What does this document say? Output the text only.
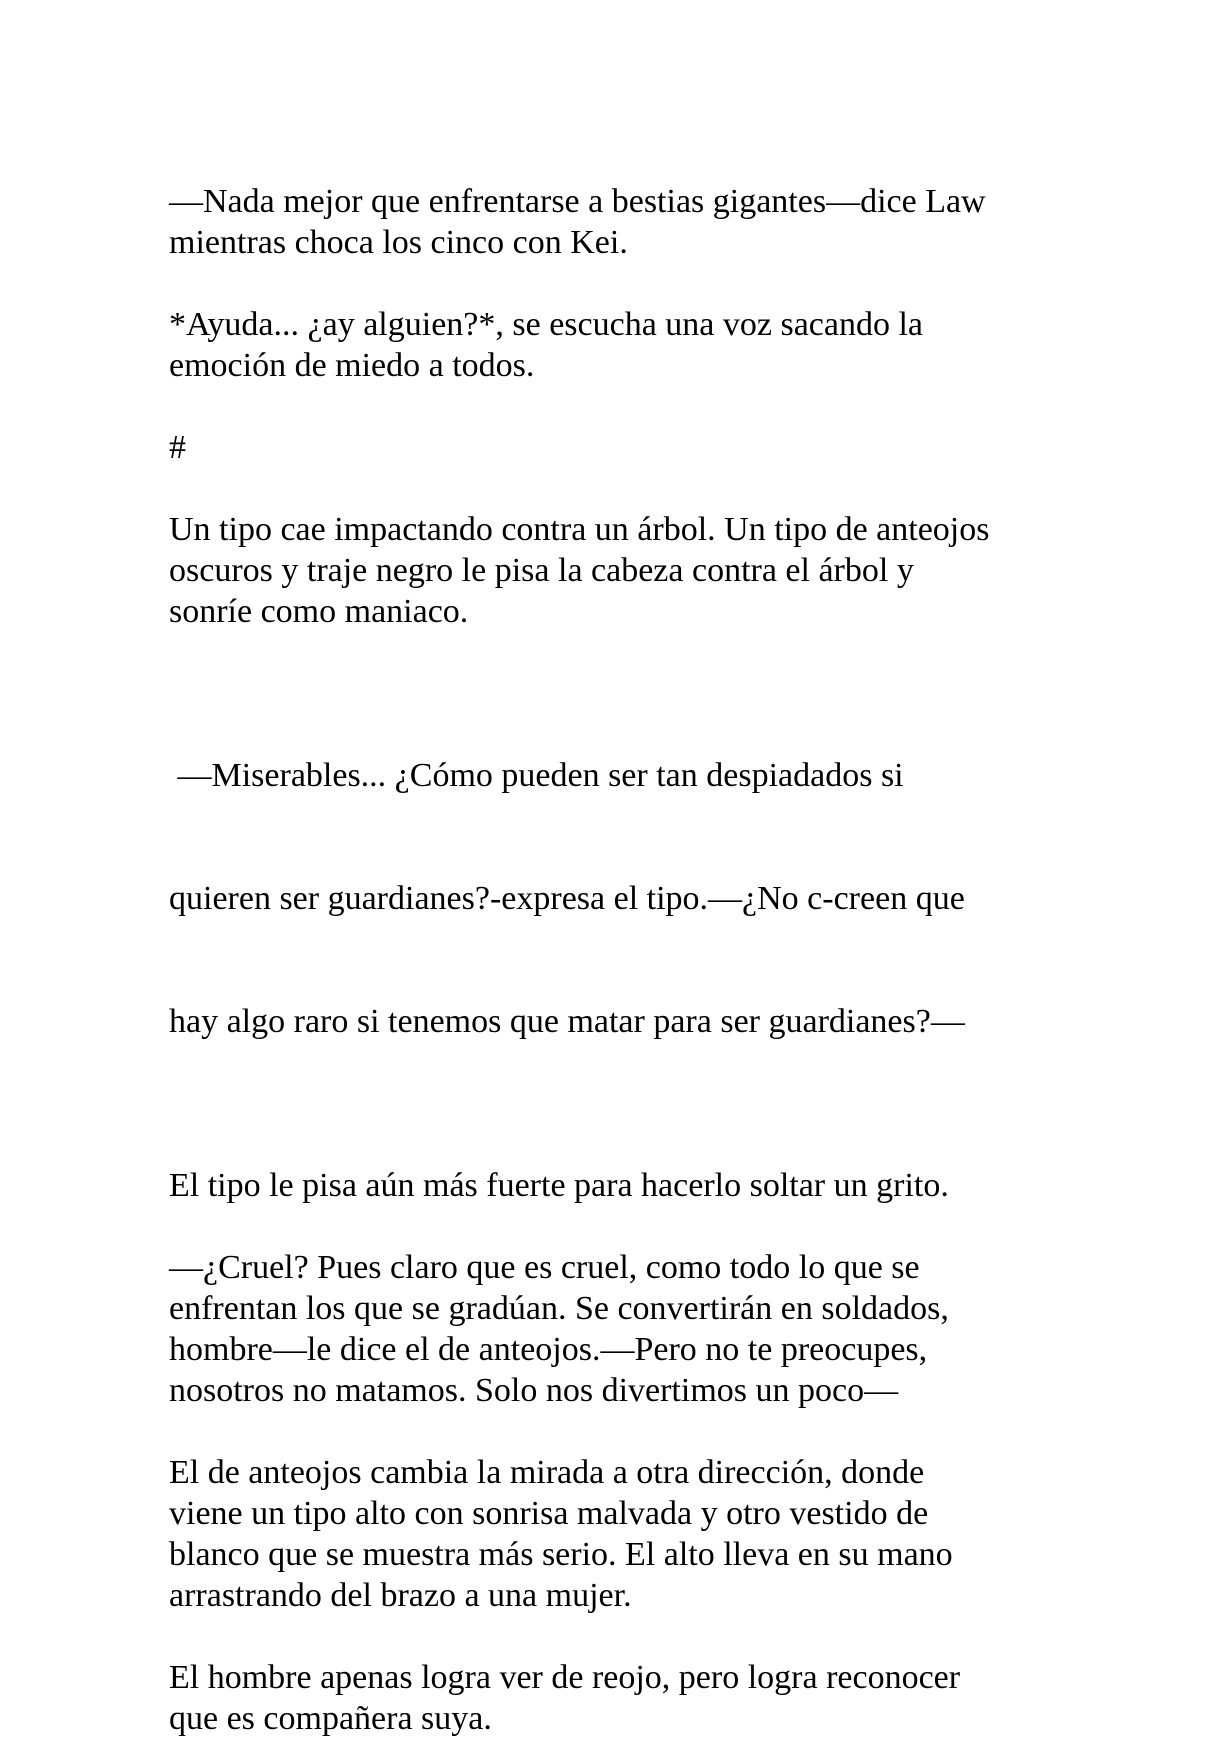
—Nada mejor que enfrentarse a bestias gigantes—dice Law
mientras choca los cinco con Kei.

*Ayuda... ¿ay alguien?*, se escucha una voz sacando la
emoción de miedo a todos.

#

Un tipo cae impactando contra un árbol. Un tipo de anteojos
oscuros y traje negro le pisa la cabeza contra el árbol y
sonríe como maniaco.

—Miserables... ¿Cómo pueden ser tan despiadados si

quieren ser guardianes?-expresa el tipo.—¿No c-creen que

hay algo raro si tenemos que matar para ser guardianes?—

El tipo le pisa aún más fuerte para hacerlo soltar un grito.

—¿Cruel? Pues claro que es cruel, como todo lo que se
enfrentan los que se gradúan. Se convertirán en soldados,
hombre—le dice el de anteojos.—Pero no te preocupes,
nosotros no matamos. Solo nos divertimos un poco—

El de anteojos cambia la mirada a otra dirección, donde
viene un tipo alto con sonrisa malvada y otro vestido de
blanco que se muestra más serio. El alto lleva en su mano
arrastrando del brazo a una mujer.

El hombre apenas logra ver de reojo, pero logra reconocer
que es compañera suya.
